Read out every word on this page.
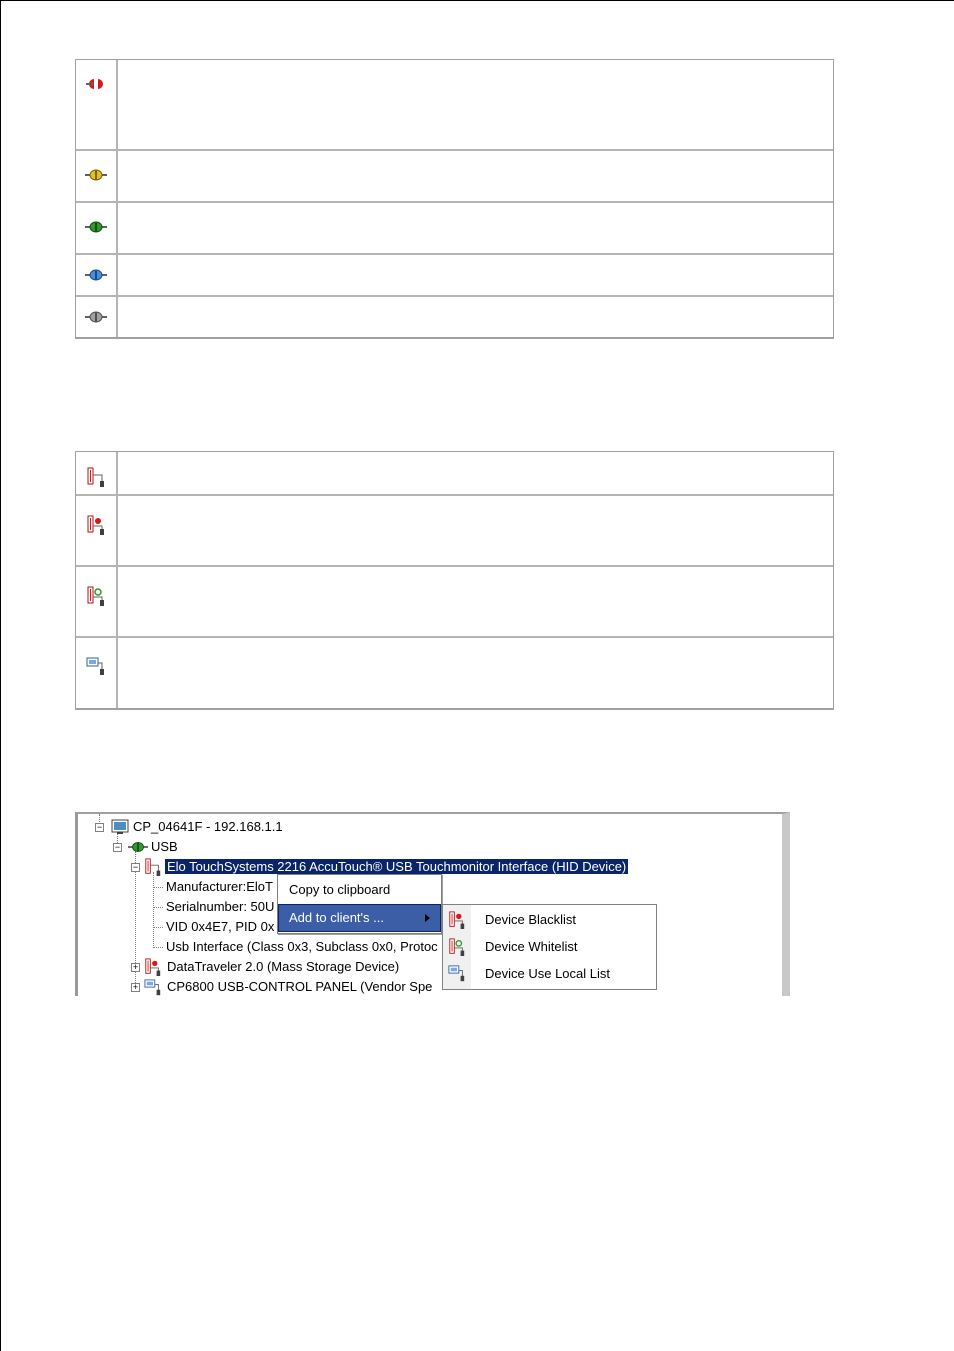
− CP_04641F - 192.168.1.1
− USB
− Elo TouchSystems 2216 AccuTouch® USB Touchmonitor Interface (HID Device)
Manufacturer:EloT
Serialnumber: 50U
VID 0x4E7, PID 0x
Usb Interface (Class 0x3, Subclass 0x0, Protoc
+ DataTraveler 2.0 (Mass Storage Device)
+ CP6800 USB-CONTROL PANEL (Vendor Spe
Copy to clipboard
Add to client's ...	Device Blacklist
Device Whitelist
Device Use Local List
